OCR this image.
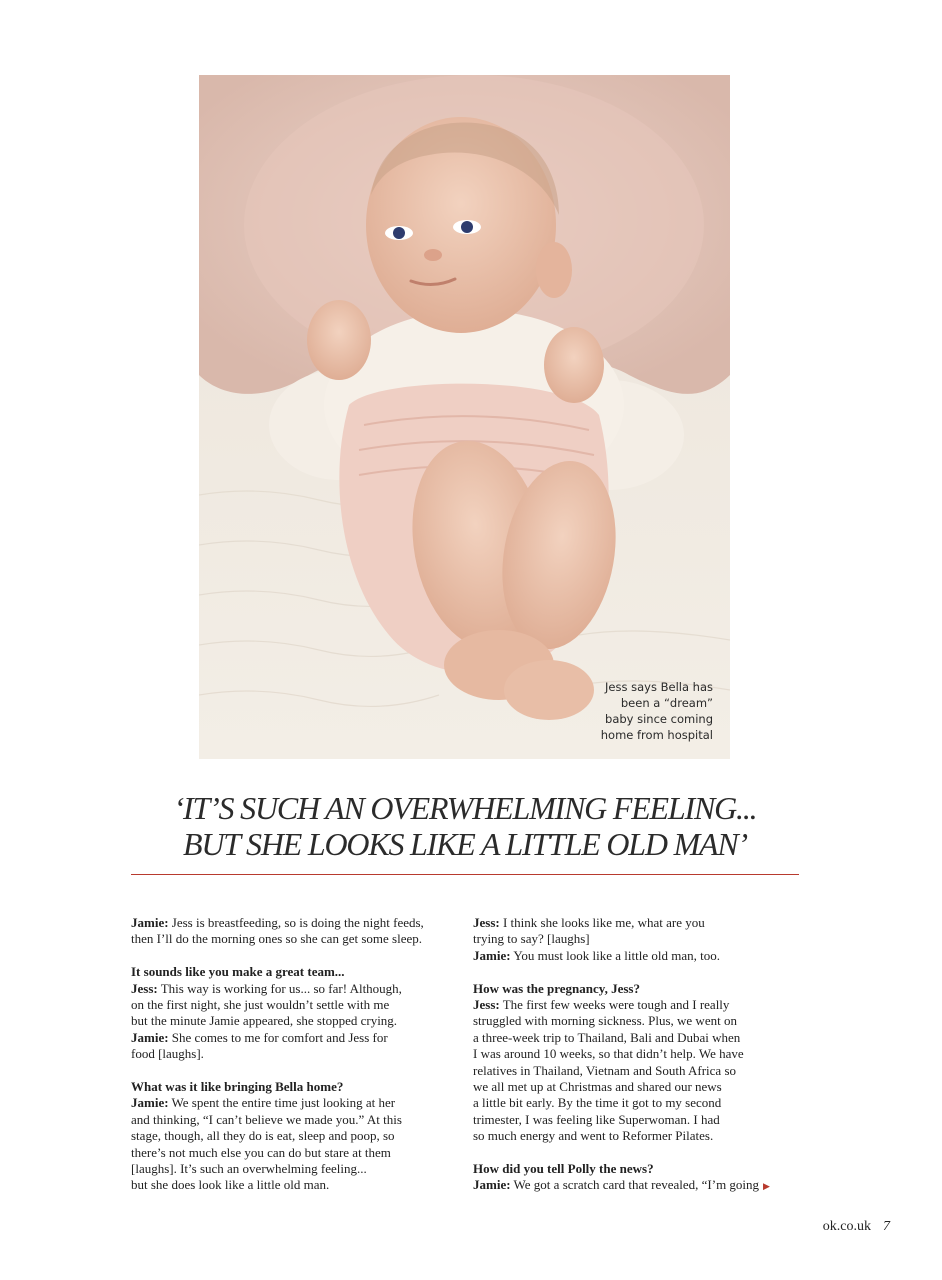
Jess says Bella has
been a “dream”
baby since coming
home from hospital
‘IT’S SUCH AN OVERWHELMING FEELING...
BUT SHE LOOKS LIKE A LITTLE OLD MAN’

Jamie: Jess is breastfeeding, so is doing the night feeds,

then I’ll do the morning ones so she can get some sleep.

It sounds like you make a great team...

Jess: This way is working for us... so far! Although,

on the first night, she just wouldn’t settle with me

but the minute Jamie appeared, she stopped crying.

Jamie: She comes to me for comfort and Jess for

food [laughs].

What was it like bringing Bella home?

Jamie: We spent the entire time just looking at her

and thinking, “I can’t believe we made you.” At this

stage, though, all they do is eat, sleep and poop, so

there’s not much else you can do but stare at them

[laughs]. It’s such an overwhelming feeling...

but she does look like a little old man.

Jess: I think she looks like me, what are you

trying to say? [laughs]

Jamie: You must look like a little old man, too.

How was the pregnancy, Jess?

Jess: The first few weeks were tough and I really

struggled with morning sickness. Plus, we went on

a three-week trip to Thailand, Bali and Dubai when

I was around 10 weeks, so that didn’t help. We have

relatives in Thailand, Vietnam and South Africa so

we all met up at Christmas and shared our news

a little bit early. By the time it got to my second

trimester, I was feeling like Superwoman. I had

so much energy and went to Reformer Pilates.

How did you tell Polly the news?

Jamie: We got a scratch card that revealed, “I’m going ▶

ok.co.uk 7
